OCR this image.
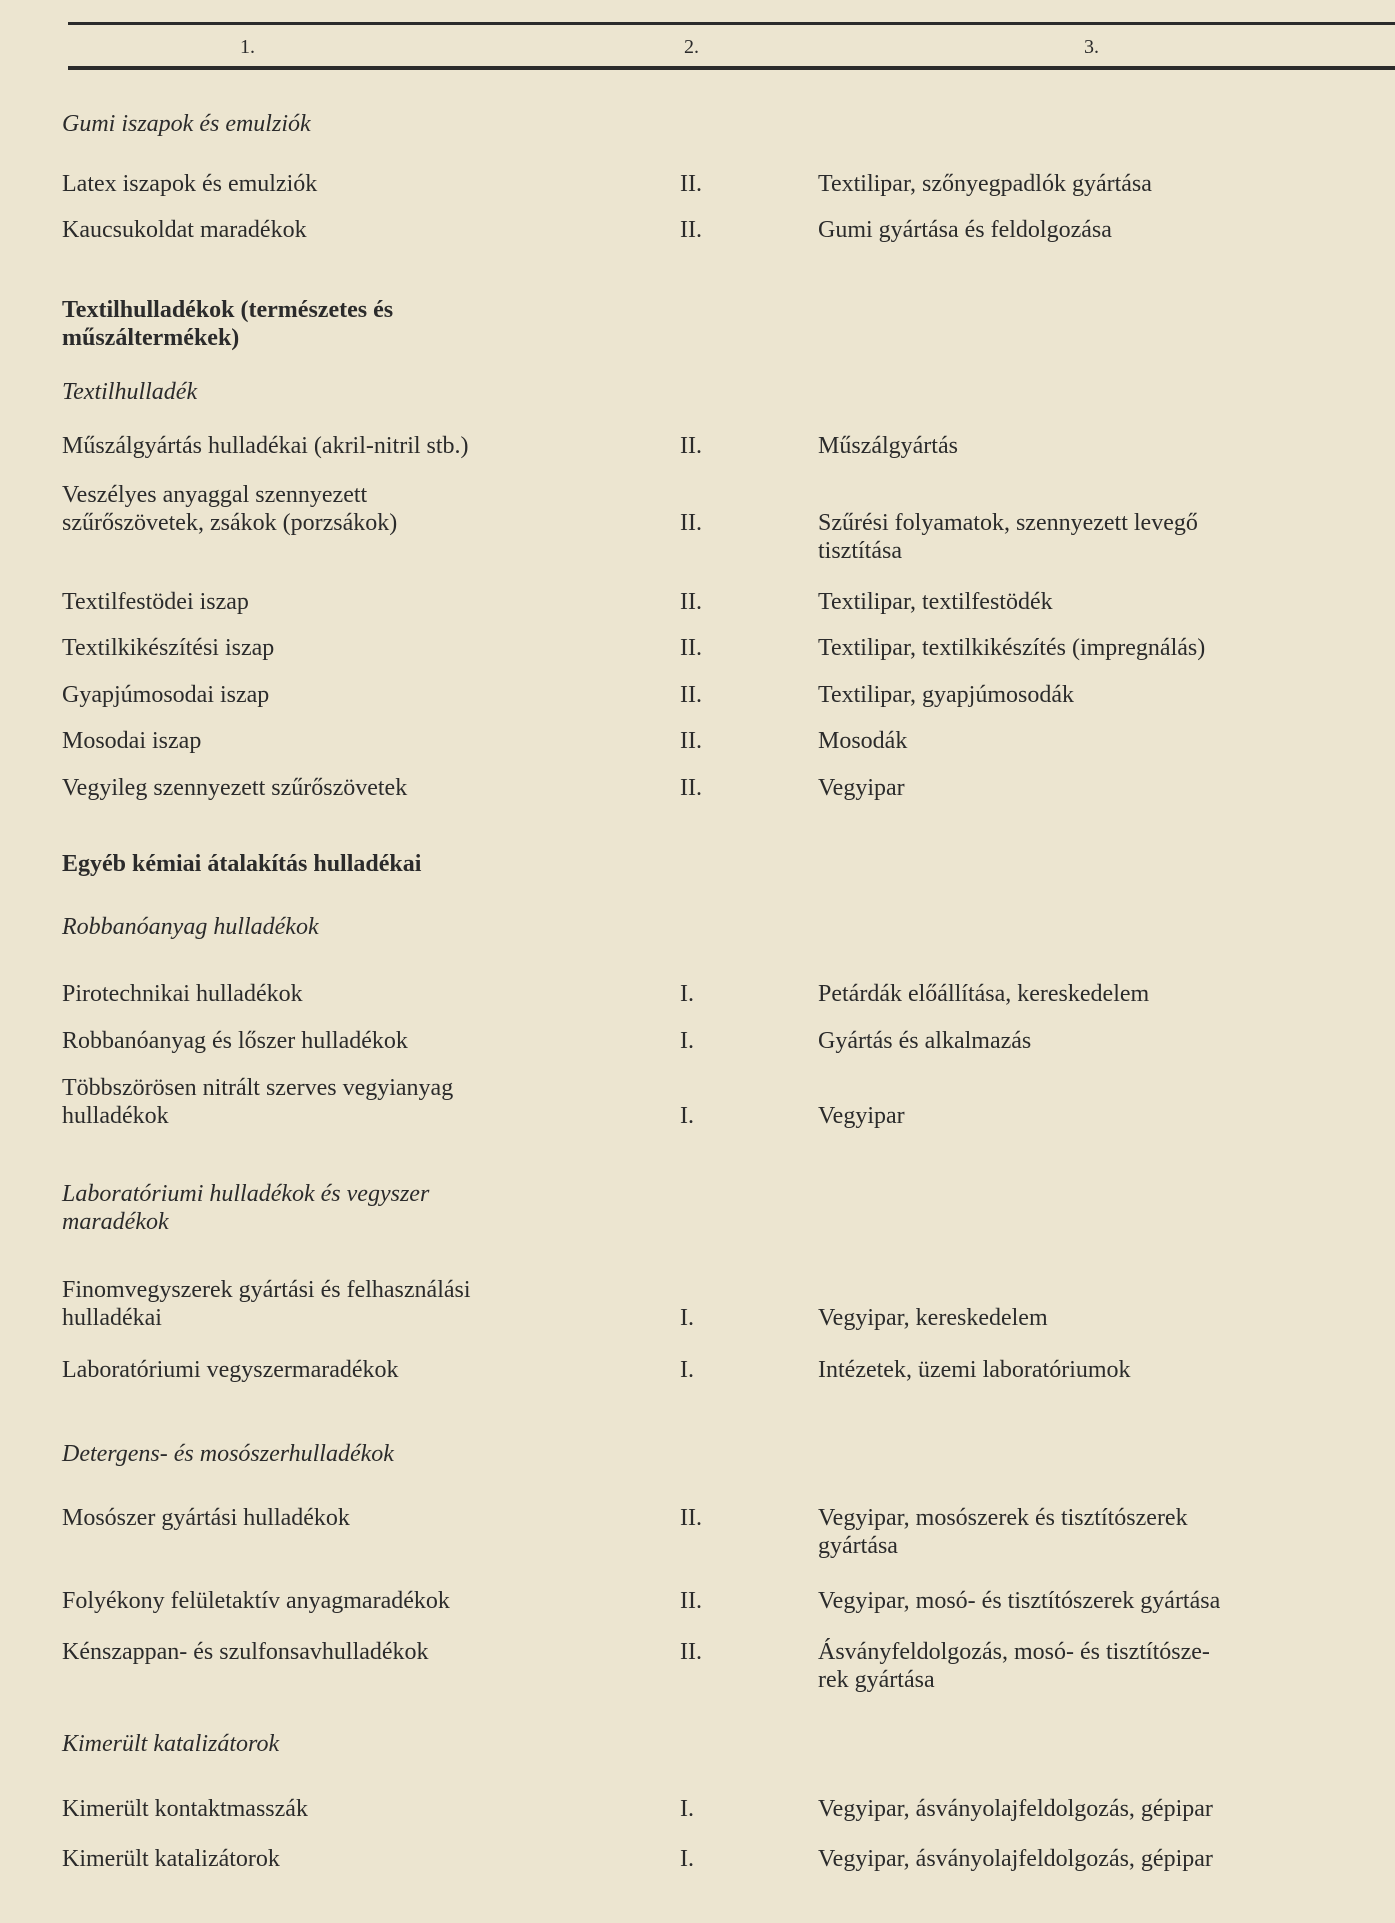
1.	2.	3.
Gumi iszapok és emulziók
Latex iszapok és emulziók	II.	Textilipar, szőnyegpadlók gyártása
Kaucsukoldat maradékok	II.	Gumi gyártása és feldolgozása
Textilhulladékok (természetes és
műszáltermékek)
Textilhulladék
Műszálgyártás hulladékai (akril-nitril stb.)	II.	Műszálgyártás
Veszélyes anyaggal szennyezett
szűrőszövetek, zsákok (porzsákok)	II.	Szűrési folyamatok, szennyezett levegő
tisztítása
Textilfestödei iszap	II.	Textilipar, textilfestödék
Textilkikészítési iszap	II.	Textilipar, textilkikészítés (impregnálás)
Gyapjúmosodai iszap	II.	Textilipar, gyapjúmosodák
Mosodai iszap	II.	Mosodák
Vegyileg szennyezett szűrőszövetek	II.	Vegyipar
Egyéb kémiai átalakítás hulladékai
Robbanóanyag hulladékok
Pirotechnikai hulladékok	I.	Petárdák előállítása, kereskedelem
Robbanóanyag és lőszer hulladékok	I.	Gyártás és alkalmazás
Többszörösen nitrált szerves vegyianyag
hulladékok	I.	Vegyipar
Laboratóriumi hulladékok és vegyszer
maradékok
Finomvegyszerek gyártási és felhasználási
hulladékai	I.	Vegyipar, kereskedelem
Laboratóriumi vegyszermaradékok	I.	Intézetek, üzemi laboratóriumok
Detergens- és mosószerhulladékok
Mosószer gyártási hulladékok	II.	Vegyipar, mosószerek és tisztítószerek
gyártása
Folyékony felületaktív anyagmaradékok	II.	Vegyipar, mosó- és tisztítószerek gyártása
Kénszappan- és szulfonsavhulladékok	II.	Ásványfeldolgozás, mosó- és tisztítósze-
rek gyártása
Kimerült katalizátorok
Kimerült kontaktmasszák	I.	Vegyipar, ásványolajfeldolgozás, gépipar
Kimerült katalizátorok	I.	Vegyipar, ásványolajfeldolgozás, gépipar
